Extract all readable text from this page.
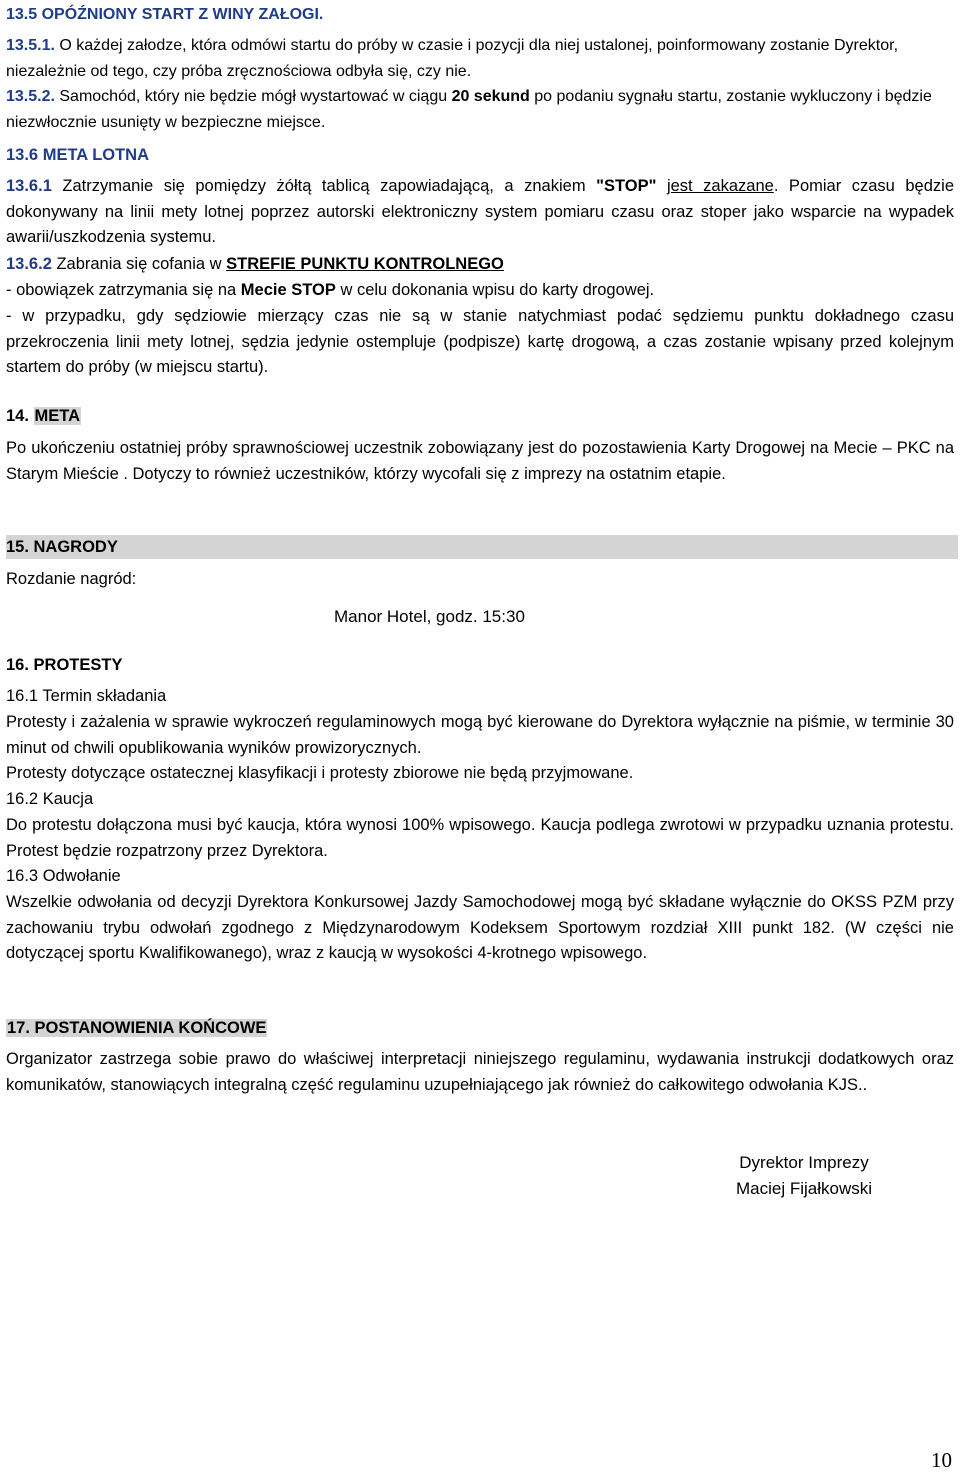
13.5 OPÓŹNIONY START Z WINY ZAŁOGI.
13.5.1. O każdej załodze, która odmówi startu do próby w czasie i pozycji dla niej ustalonej, poinformowany zostanie Dyrektor, niezależnie od tego, czy próba zręcznościowa odbyła się, czy nie.
13.5.2. Samochód, który nie będzie mógł wystartować w ciągu 20 sekund po podaniu sygnału startu, zostanie wykluczony i będzie niezwłocznie usunięty w bezpieczne miejsce.
13.6 META LOTNA
13.6.1 Zatrzymanie się pomiędzy żółtą tablicą zapowiadającą, a znakiem "STOP" jest zakazane. Pomiar czasu będzie dokonywany na linii mety lotnej poprzez autorski elektroniczny system pomiaru czasu oraz stoper jako wsparcie na wypadek awarii/uszkodzenia systemu.
13.6.2 Zabrania się cofania w STREFIE PUNKTU KONTROLNEGO
- obowiązek zatrzymania się na Mecie STOP w celu dokonania wpisu do karty drogowej.
- w przypadku, gdy sędziowie mierzący czas nie są w stanie natychmiast podać sędziemu punktu dokładnego czasu przekroczenia linii mety lotnej, sędzia jedynie ostempluje (podpisze) kartę drogową, a czas zostanie wpisany przed kolejnym startem do próby (w miejscu startu).
14. META
Po ukończeniu ostatniej próby sprawnościowej uczestnik zobowiązany jest do pozostawienia Karty Drogowej na Mecie – PKC na Starym Mieście . Dotyczy to również uczestników, którzy wycofali się z imprezy na ostatnim etapie.
15. NAGRODY
Rozdanie nagród:
Manor Hotel, godz. 15:30
16. PROTESTY
16.1 Termin składania
Protesty i zażalenia w sprawie wykroczeń regulaminowych mogą być kierowane do Dyrektora wyłącznie na piśmie, w terminie 30 minut od chwili opublikowania wyników prowizorycznych.
Protesty dotyczące ostatecznej klasyfikacji i protesty zbiorowe nie będą przyjmowane.
16.2 Kaucja
Do protestu dołączona musi być kaucja, która wynosi 100% wpisowego. Kaucja podlega zwrotowi w przypadku uznania protestu. Protest będzie rozpatrzony przez Dyrektora.
16.3 Odwołanie
Wszelkie odwołania od decyzji Dyrektora Konkursowej Jazdy Samochodowej mogą być składane wyłącznie do OKSS PZM przy zachowaniu trybu odwołań zgodnego z Międzynarodowym Kodeksem Sportowym rozdział XIII punkt 182. (W części nie dotyczącej sportu Kwalifikowanego), wraz z kaucją w wysokości 4-krotnego wpisowego.
17. POSTANOWIENIA KOŃCOWE
Organizator zastrzega sobie prawo do właściwej interpretacji niniejszego regulaminu, wydawania instrukcji dodatkowych oraz komunikatów, stanowiących integralną część regulaminu uzupełniającego jak również do całkowitego odwołania KJS..
Dyrektor Imprezy
Maciej Fijałkowski
10
